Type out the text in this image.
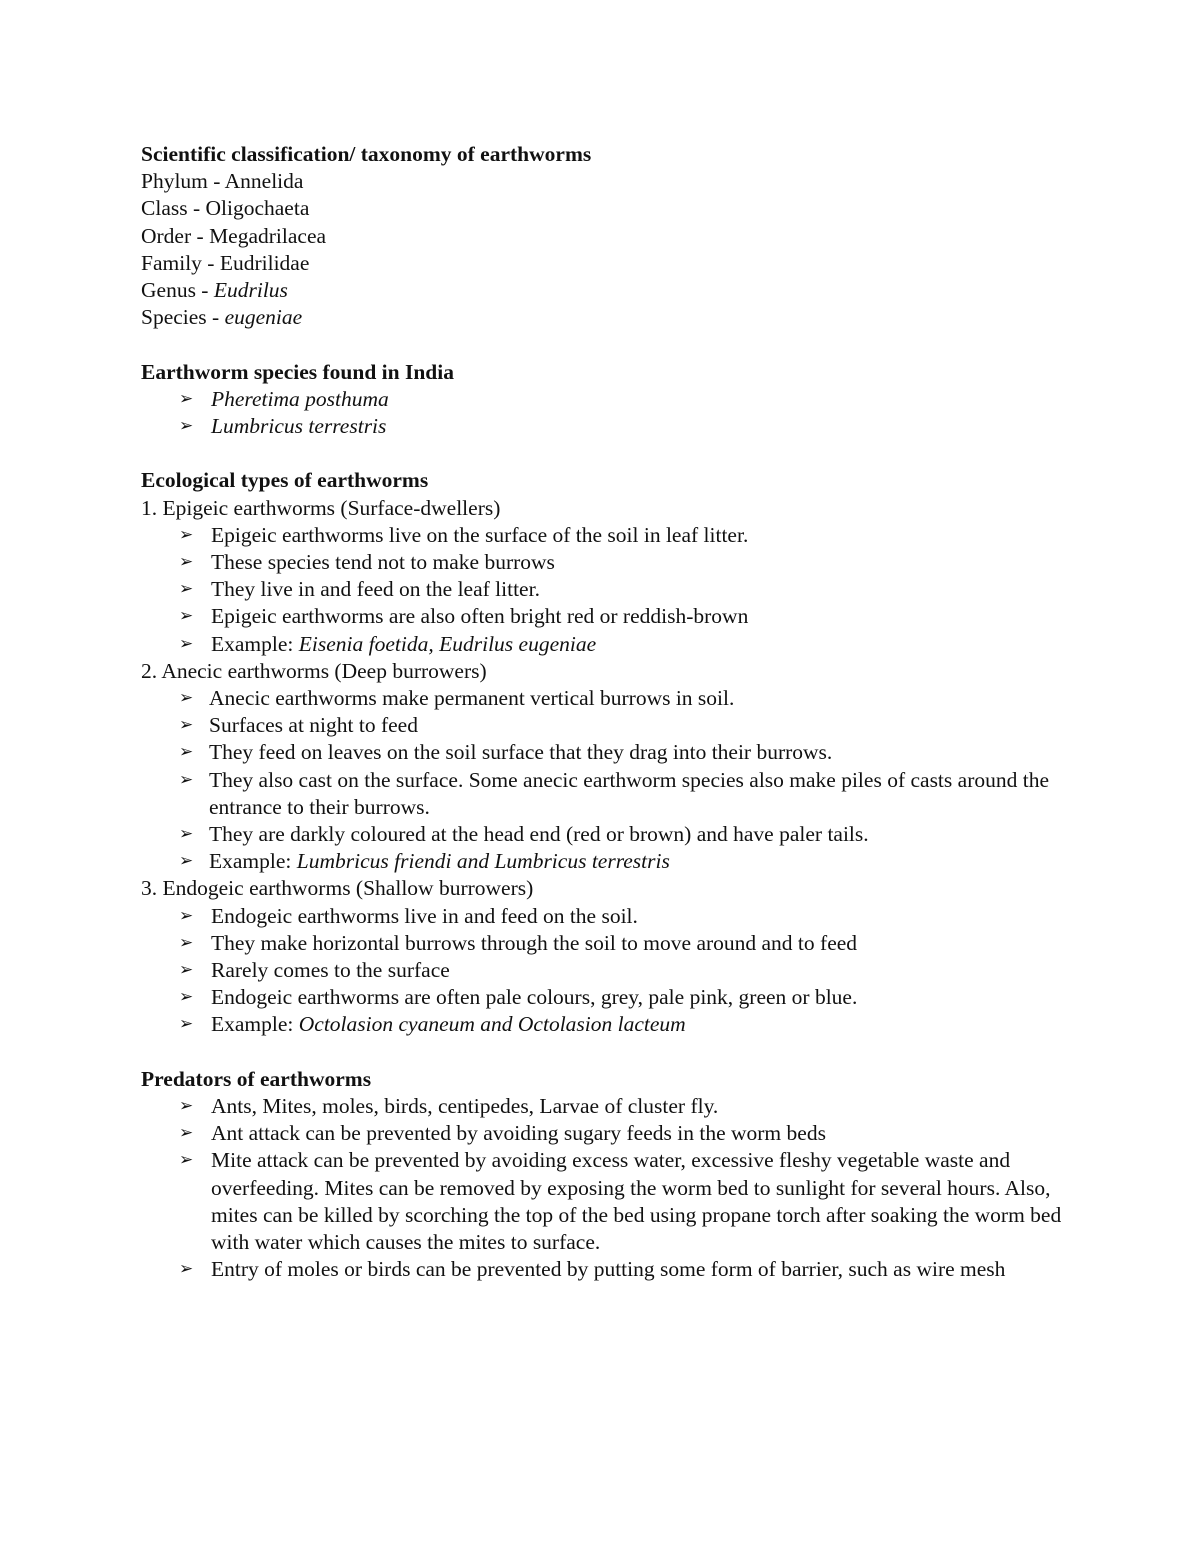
Scientific classification/ taxonomy of earthworms
Phylum - Annelida
Class - Oligochaeta
Order - Megadrilacea
Family - Eudrilidae
Genus - Eudrilus
Species - eugeniae
Earthworm species found in India
➢ Pheretima posthuma
➢ Lumbricus terrestris
Ecological types of earthworms
1. Epigeic earthworms (Surface-dwellers)
➢ Epigeic earthworms live on the surface of the soil in leaf litter.
➢ These species tend not to make burrows
➢ They live in and feed on the leaf litter.
➢ Epigeic earthworms are also often bright red or reddish-brown
➢ Example: Eisenia foetida, Eudrilus eugeniae
2. Anecic earthworms (Deep burrowers)
➢ Anecic earthworms make permanent vertical burrows in soil.
➢ Surfaces at night to feed
➢ They feed on leaves on the soil surface that they drag into their burrows.
➢ They also cast on the surface. Some anecic earthworm species also make piles of casts around the entrance to their burrows.
➢ They are darkly coloured at the head end (red or brown) and have paler tails.
➢ Example: Lumbricus friendi and Lumbricus terrestris
3. Endogeic earthworms (Shallow burrowers)
➢ Endogeic earthworms live in and feed on the soil.
➢ They make horizontal burrows through the soil to move around and to feed
➢ Rarely comes to the surface
➢ Endogeic earthworms are often pale colours, grey, pale pink, green or blue.
➢ Example: Octolasion cyaneum and Octolasion lacteum
Predators of earthworms
➢ Ants, Mites, moles, birds, centipedes, Larvae of cluster fly.
➢ Ant attack can be prevented by avoiding sugary feeds in the worm beds
➢ Mite attack can be prevented by avoiding excess water, excessive fleshy vegetable waste and overfeeding. Mites can be removed by exposing the worm bed to sunlight for several hours. Also, mites can be killed by scorching the top of the bed using propane torch after soaking the worm bed with water which causes the mites to surface.
➢ Entry of moles or birds can be prevented by putting some form of barrier, such as wire mesh
